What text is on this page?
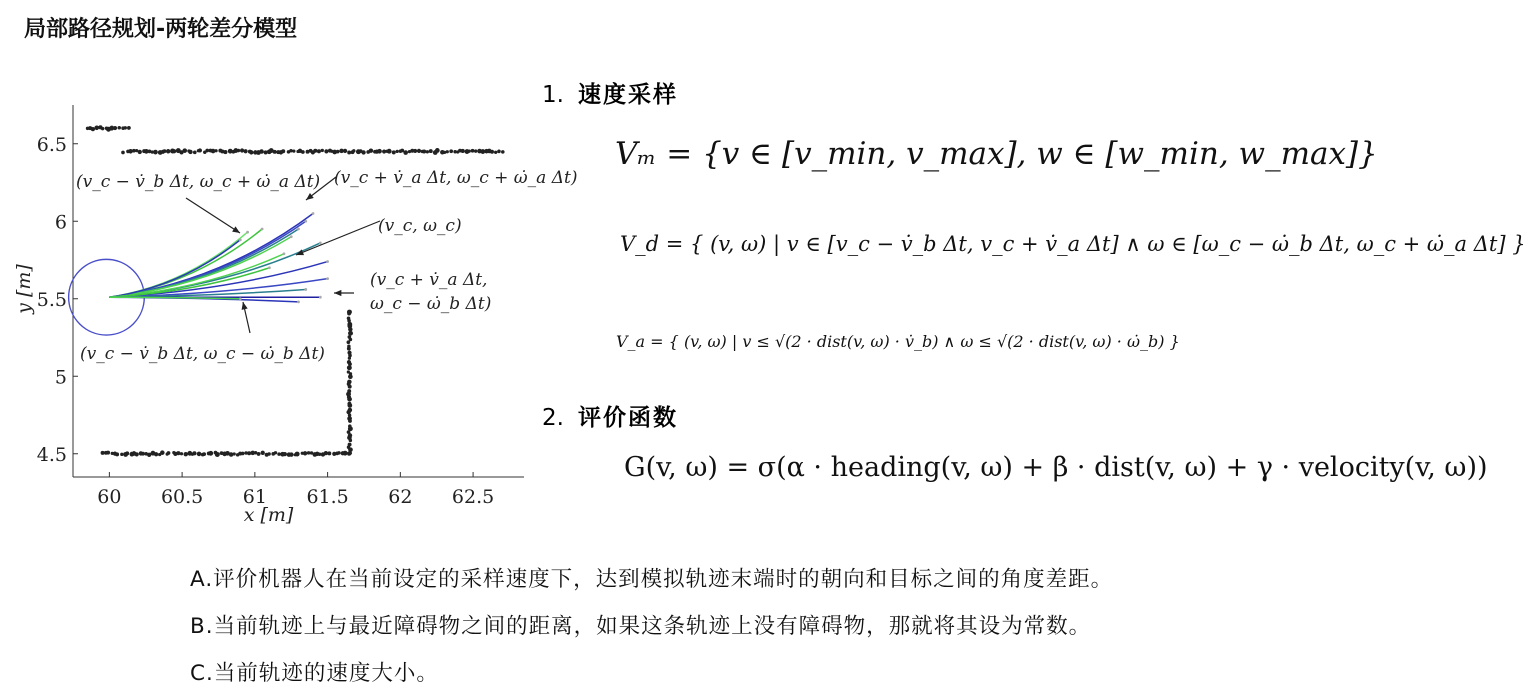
局部路径规划-两轮差分模型
60 60.5 61 61.5 62 62.5
6.5
6
5.5
5
4.5
x [m]
y [m]
(v_c − v̇_b Δt, ω_c + ω̇_a Δt) (v_c + v̇_a Δt, ω_c + ω̇_a Δt)
(v_c, ω_c)
(v_c + v̇_a Δt,
ω_c − ω̇_b Δt)
(v_c − v̇_b Δt, ω_c − ω̇_b Δt)
1. 速度采样
Vₘ = {v ∈ [v_min, v_max], w ∈ [w_min, w_max]}
V_d = { (v, ω) | v ∈ [v_c − v̇_b Δt, v_c + v̇_a Δt] ∧ ω ∈ [ω_c − ω̇_b Δt, ω_c + ω̇_a Δt] }
V_a = { (v, ω) | v ≤ √(2 · dist(v, ω) · v̇_b) ∧ ω ≤ √(2 · dist(v, ω) · ω̇_b) }
2. 评价函数
G(v, ω) = σ(α · heading(v, ω) + β · dist(v, ω) + γ · velocity(v, ω))
A.评价机器人在当前设定的采样速度下，达到模拟轨迹末端时的朝向和目标之间的角度差距。
B.当前轨迹上与最近障碍物之间的距离，如果这条轨迹上没有障碍物，那就将其设为常数。
C.当前轨迹的速度大小。
